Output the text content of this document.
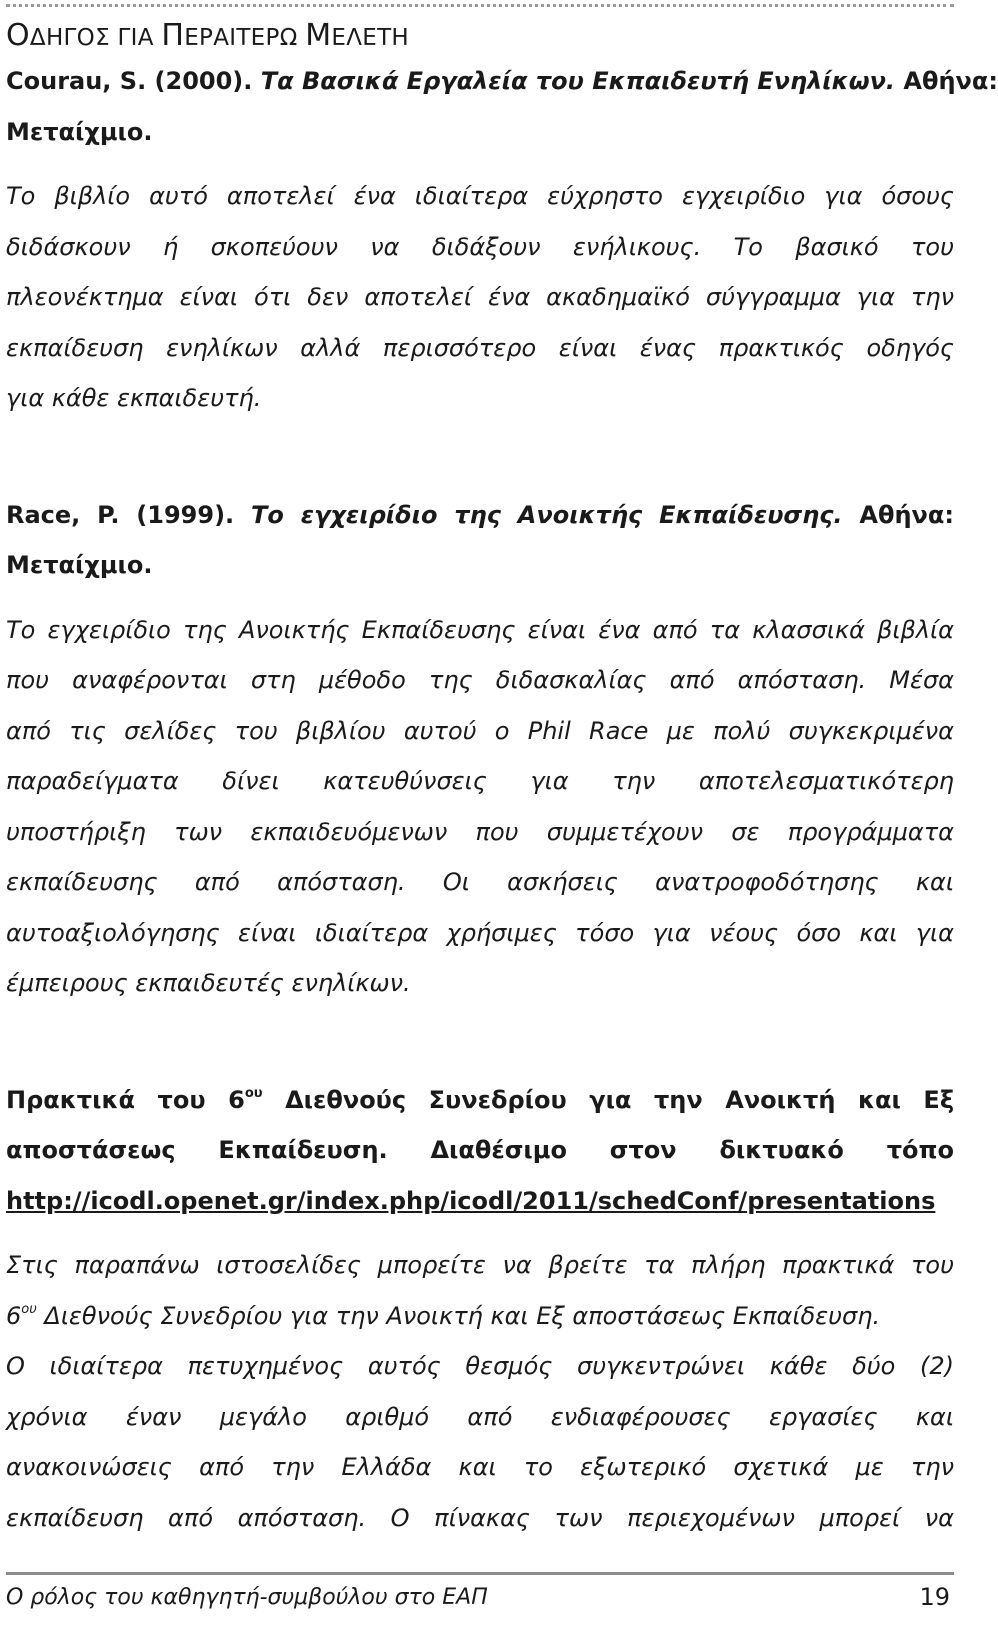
ΟΔΗΓΟΣ ΓΙΑ ΠΕΡΑΙΤΕΡΩ ΜΕΛΕΤΗ
Courau, S. (2000). Τα Βασικά Εργαλεία του Εκπαιδευτή Ενηλίκων. Αθήνα:
Μεταίχμιο.
Το βιβλίο αυτό αποτελεί ένα ιδιαίτερα εύχρηστο εγχειρίδιο για όσους
διδάσκουν ή σκοπεύουν να διδάξουν ενήλικους. Το βασικό του
πλεονέκτημα είναι ότι δεν αποτελεί ένα ακαδημαϊκό σύγγραμμα για την
εκπαίδευση ενηλίκων αλλά περισσότερο είναι ένας πρακτικός οδηγός
για κάθε εκπαιδευτή.
Race, P. (1999). Το εγχειρίδιο της Ανοικτής Εκπαίδευσης. Αθήνα:
Μεταίχμιο.
Το εγχειρίδιο της Ανοικτής Εκπαίδευσης είναι ένα από τα κλασσικά βιβλία
που αναφέρονται στη μέθοδο της διδασκαλίας από απόσταση. Μέσα
από τις σελίδες του βιβλίου αυτού ο Phil Race με πολύ συγκεκριμένα
παραδείγματα δίνει κατευθύνσεις για την αποτελεσματικότερη
υποστήριξη των εκπαιδευόμενων που συμμετέχουν σε προγράμματα
εκπαίδευσης από απόσταση. Οι ασκήσεις ανατροφοδότησης και
αυτοαξιολόγησης είναι ιδιαίτερα χρήσιμες τόσο για νέους όσο και για
έμπειρους εκπαιδευτές ενηλίκων.
Πρακτικά του $6^{o\upsilon}$ Διεθνούς Συνεδρίου για την Ανοικτή και Εξ
αποστάσεως Εκπαίδευση. Διαθέσιμο στον δικτυακό τόπο
http://icodl.openet.gr/index.php/icodl/2011/schedConf/presentations
Στις παραπάνω ιστοσελίδες μπορείτε να βρείτε τα πλήρη πρακτικά του
$6^{o\upsilon}$ Διεθνούς Συνεδρίου για την Ανοικτή και Εξ αποστάσεως Εκπαίδευση.
Ο ιδιαίτερα πετυχημένος αυτός θεσμός συγκεντρώνει κάθε δύο (2)
χρόνια έναν μεγάλο αριθμό από ενδιαφέρουσες εργασίες και
ανακοινώσεις από την Ελλάδα και το εξωτερικό σχετικά με την
εκπαίδευση από απόσταση. Ο πίνακας των περιεχομένων μπορεί να
Ο ρόλος του καθηγητή-συμβούλου στο ΕΑΠ	19
